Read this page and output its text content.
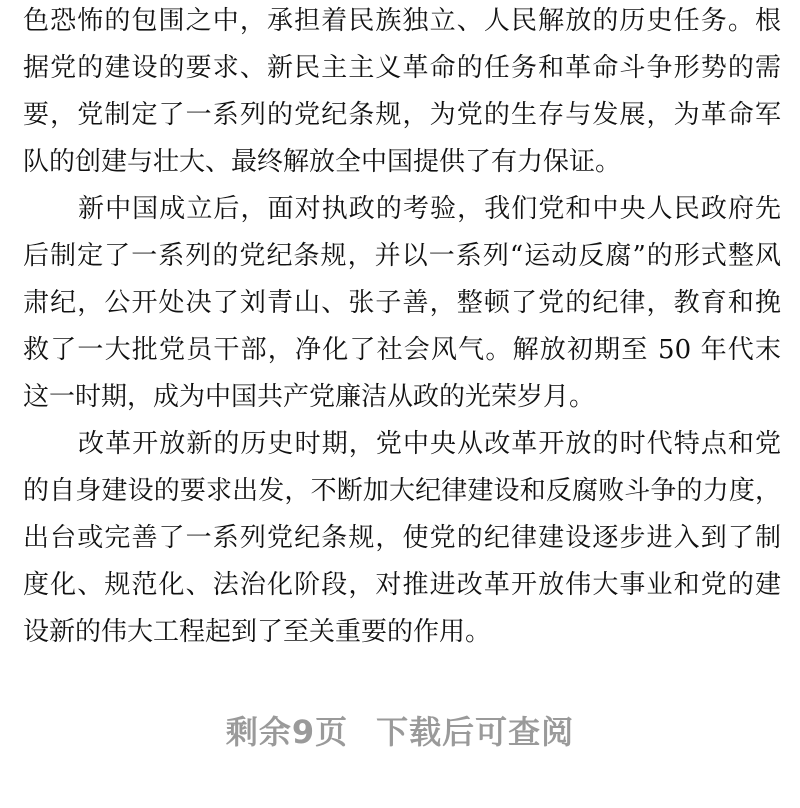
色恐怖的包围之中，承担着民族独立、人民解放的历史任务。根
据党的建设的要求、新民主主义革命的任务和革命斗争形势的需
要，党制定了一系列的党纪条规，为党的生存与发展，为革命军
队的创建与壮大、最终解放全中国提供了有力保证。
新中国成立后，面对执政的考验，我们党和中央人民政府先
后制定了一系列的党纪条规，并以一系列“运动反腐”的形式整风
肃纪，公开处决了刘青山、张子善，整顿了党的纪律，教育和挽
救了一大批党员干部，净化了社会风气。解放初期至 50 年代末
这一时期，成为中国共产党廉洁从政的光荣岁月。
改革开放新的历史时期，党中央从改革开放的时代特点和党
的自身建设的要求出发，不断加大纪律建设和反腐败斗争的力度，
出台或完善了一系列党纪条规，使党的纪律建设逐步进入到了制
度化、规范化、法治化阶段，对推进改革开放伟大事业和党的建
设新的伟大工程起到了至关重要的作用。
剩余9页 下载后可查阅
